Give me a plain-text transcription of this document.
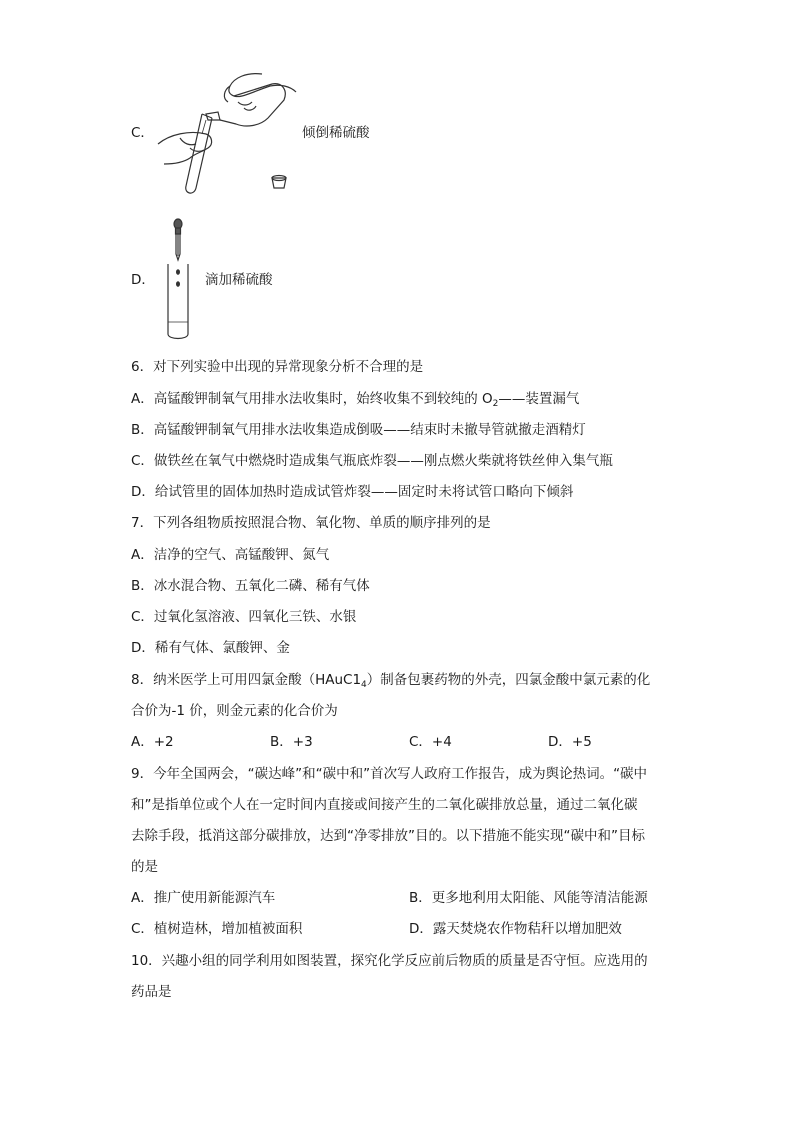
C．	倾倒稀硫酸
D．	滴加稀硫酸
6．对下列实验中出现的异常现象分析不合理的是
A．高锰酸钾制氧气用排水法收集时，始终收集不到较纯的 $O_2——$装置漏气
B．高锰酸钾制氧气用排水法收集造成倒吸——结束时未撤导管就撤走酒精灯
C．做铁丝在氧气中燃烧时造成集气瓶底炸裂——刚点燃火柴就将铁丝伸入集气瓶
D．给试管里的固体加热时造成试管炸裂——固定时未将试管口略向下倾斜
7．下列各组物质按照混合物、氧化物、单质的顺序排列的是
A．洁净的空气、高锰酸钾、氮气
B．冰水混合物、五氧化二磷、稀有气体
C．过氧化氢溶液、四氧化三铁、水银
D．稀有气体、氯酸钾、金
8．纳米医学上可用四氯金酸$(HAuC1_4)$制备包裹药物的外壳，四氯金酸中氯元素的化
合价为-1 价，则金元素的化合价为
A．+2	B．+3	C．+4	D．+5
9．今年全国两会，“碳达峰”和“碳中和”首次写人政府工作报告，成为舆论热词。“碳中
和”是指单位或个人在一定时间内直接或间接产生的二氧化碳排放总量，通过二氧化碳
去除手段，抵消这部分碳排放，达到“净零排放”目的。以下措施不能实现“碳中和”目标
的是
A．推广使用新能源汽车	B．更多地利用太阳能、风能等清洁能源
C．植树造林，增加植被面积	D．露天焚烧农作物秸秆以增加肥效
10．兴趣小组的同学利用如图装置，探究化学反应前后物质的质量是否守恒。应选用的
药品是
